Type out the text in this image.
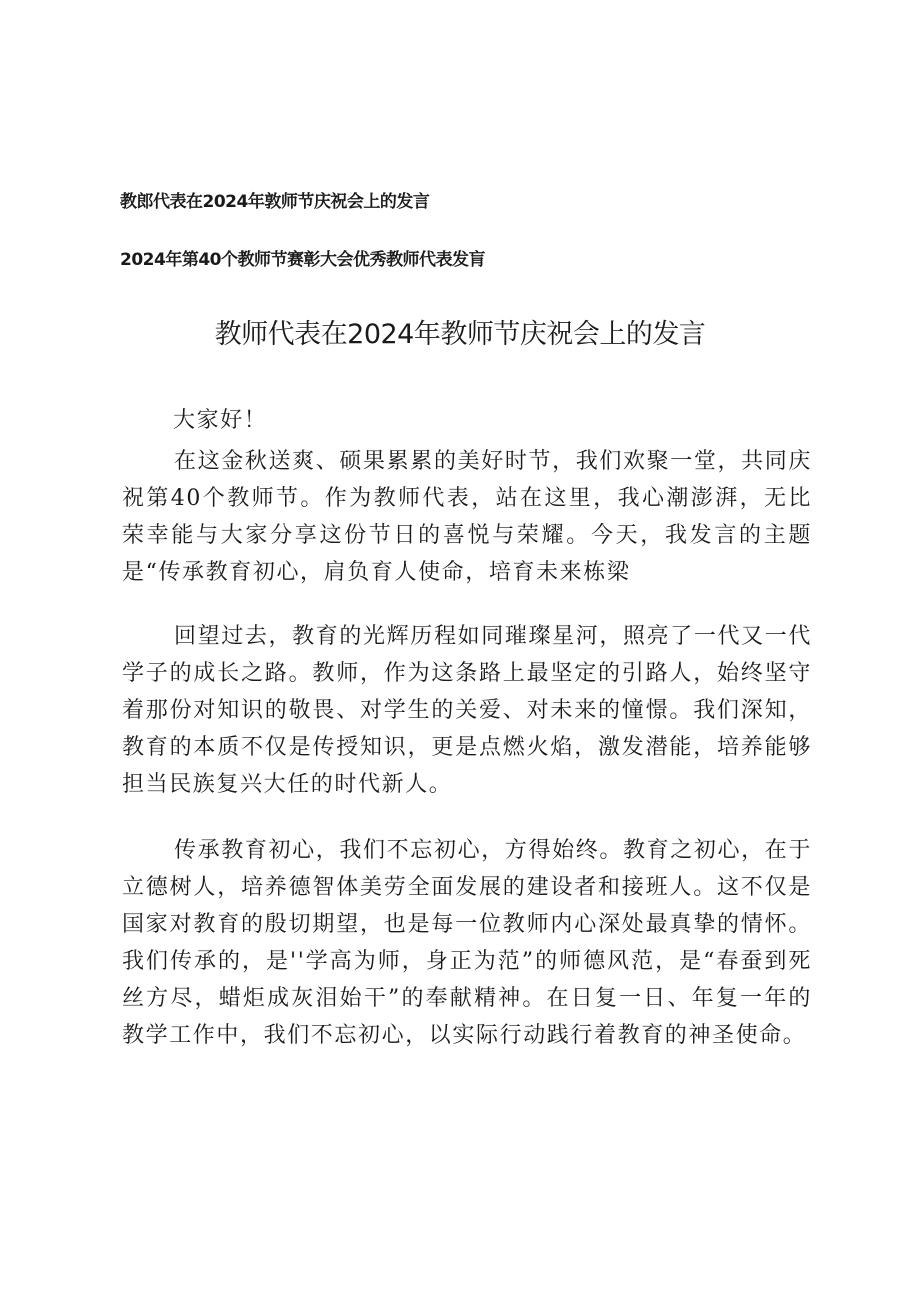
教郎代表在2024年敦师节庆祝会上的发言
2024年第40个教师节赛彰大会优秀教师代表发肓
教师代表在2024年教师节庆祝会上的发言
大家好！

在这金秋送爽、硕果累累的美好时节，我们欢聚一堂，共同庆祝第40个教师节。作为教师代表，站在这里，我心潮澎湃，无比荣幸能与大家分享这份节日的喜悦与荣耀。今天，我发言的主题是“传承教育初心，肩负育人使命，培育未来栋梁

回望过去，教育的光辉历程如同璀璨星河，照亮了一代又一代学子的成长之路。教师，作为这条路上最坚定的引路人，始终坚守着那份对知识的敬畏、对学生的关爱、对未来的憧憬。我们深知，教育的本质不仅是传授知识，更是点燃火焰，激发潜能，培养能够担当民族复兴大任的时代新人。

传承教育初心，我们不忘初心，方得始终。教育之初心，在于立德树人，培养德智体美劳全面发展的建设者和接班人。这不仅是国家对教育的殷切期望，也是每一位教师内心深处最真挚的情怀。我们传承的，是''学高为师，身正为范”的师德风范，是“春蚕到死丝方尽，蜡炬成灰泪始干”的奉献精神。在日复一日、年复一年的教学工作中，我们不忘初心，以实际行动践行着教育的神圣使命。
